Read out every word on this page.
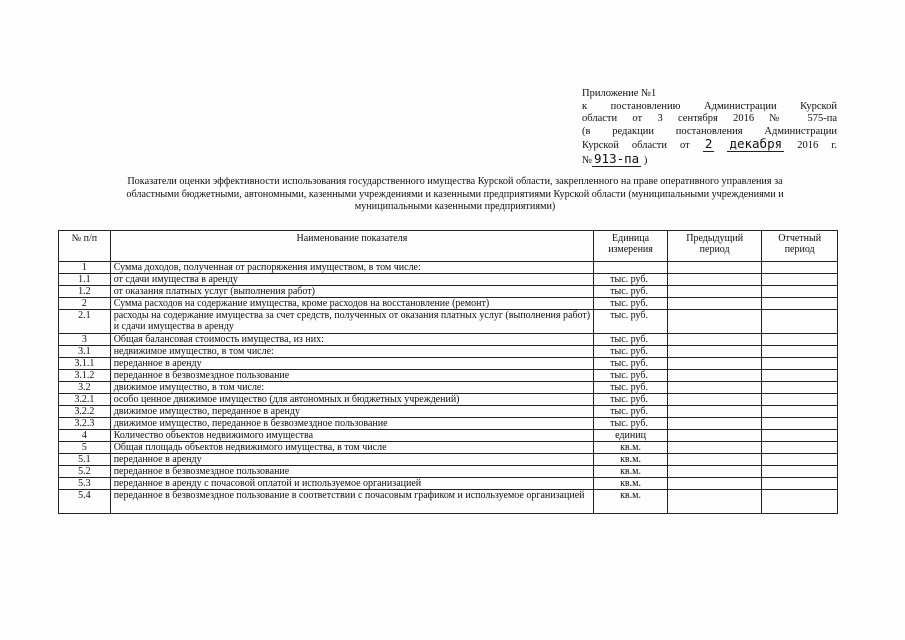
Приложение №1
к постановлению Администрации Курской
области от 3 сентября 2016 № 575-па
(в редакции постановления Администрации
Курской области от 2 декабря 2016 г.
№ 913-па )
Показатели оценки эффективности использования государственного имущества Курской области, закрепленного на праве оперативного управления за
областными бюджетными, автономными, казенными учреждениями и казенными предприятиями Курской области (муниципальными учреждениями и
муниципальными казенными предприятиями)
№ п/п	Наименование показателя	Единица измерения	Предыдущий период	Отчетный период
1	Сумма доходов, полученная от распоряжения имуществом, в том числе:			
1.1	от сдачи имущества в аренду	тыс. руб.		
1.2	от оказания платных услуг (выполнения работ)	тыс. руб.		
2	Сумма расходов на содержание имущества, кроме расходов на восстановление (ремонт)	тыс. руб.		
2.1	расходы на содержание имущества за счет средств, полученных от оказания платных услуг (выполнения работ) и сдачи имущества в аренду	тыс. руб.		
3	Общая балансовая стоимость имущества, из них:	тыс. руб.		
3.1	недвижимое имущество, в том числе:	тыс. руб.		
3.1.1	переданное в аренду	тыс. руб.		
3.1.2	переданное в безвозмездное пользование	тыс. руб.		
3.2	движимое имущество, в том числе:	тыс. руб.		
3.2.1	особо ценное движимое имущество (для автономных и бюджетных учреждений)	тыс. руб.		
3.2.2	движимое имущество, переданное в аренду	тыс. руб.		
3.2.3	движимое имущество, переданное в безвозмездное пользование	тыс. руб.		
4	Количество объектов недвижимого имущества	единиц		
5	Общая площадь объектов недвижимого имущества, в том числе	кв.м.		
5.1	переданное в аренду	кв.м.		
5.2	переданное в безвозмездное пользование	кв.м.		
5.3	переданное в аренду с почасовой оплатой и используемое организацией	кв.м.		
5.4	переданное в безвозмездное пользование в соответствии с почасовым графиком и используемое организацией	кв.м.		
